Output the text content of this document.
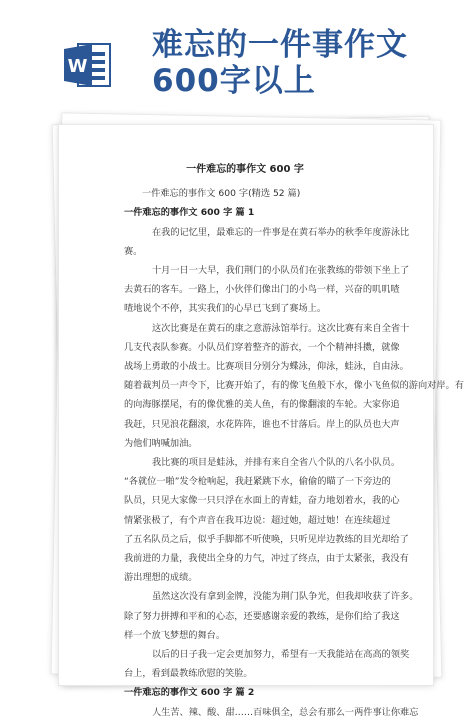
W
难忘的一件事作文
600字以上
一件难忘的事作文 600 字
一件难忘的事作文 600 字(精选 52 篇)
一件难忘的事作文 600 字 篇 1
在我的记忆里，最难忘的一件事是在黄石举办的秋季年度游泳比
赛。
十月一日一大早，我们荆门的小队员们在张教练的带领下坐上了
去黄石的客车。一路上，小伙伴们像出门的小鸟一样，兴奋的叽叽喳
喳地说个不停，其实我们的心早已飞到了赛场上。
这次比赛是在黄石的康之意游泳馆举行。这次比赛有来自全省十
几支代表队参赛。小队员们穿着整齐的游衣，一个个精神抖擞，就像
战场上勇敢的小战士。比赛项目分别分为蝶泳，仰泳，蛙泳，自由泳。
随着裁判员一声令下，比赛开始了，有的像飞鱼般下水，像小飞鱼似的游向对岸。有
的向海豚摆尾，有的像优雅的美人鱼，有的像翻滚的车轮。大家你追
我赶，只见浪花翻滚，水花阵阵，谁也不甘落后。岸上的队员也大声
为他们呐喊加油。
我比赛的项目是蛙泳，并排有来自全省八个队的八名小队员。
“各就位一啪”发令枪响起，我赶紧跳下水，偷偷的瞄了一下旁边的
队员，只见大家像一只只浮在水面上的青蛙，奋力地划着水，我的心
情紧张极了，有个声音在我耳边说：超过她，超过她！在连续超过
了五名队员之后，似乎手脚都不听使唤，只听见岸边教练的目光却给了
我前进的力量，我使出全身的力气，冲过了终点，由于太紧张，我没有
游出理想的成绩。
虽然这次没有拿到金牌，没能为荆门队争光，但我却收获了许多。
除了努力拼搏和平和的心态，还要感谢亲爱的教练，是你们给了我这
样一个放飞梦想的舞台。
以后的日子我一定会更加努力，希望有一天我能站在高高的领奖
台上，看到最教练欣慰的笑脸。
一件难忘的事作文 600 字 篇 2
人生苦、辣、酸、甜……百味俱全，总会有那么一两件事让你难忘
